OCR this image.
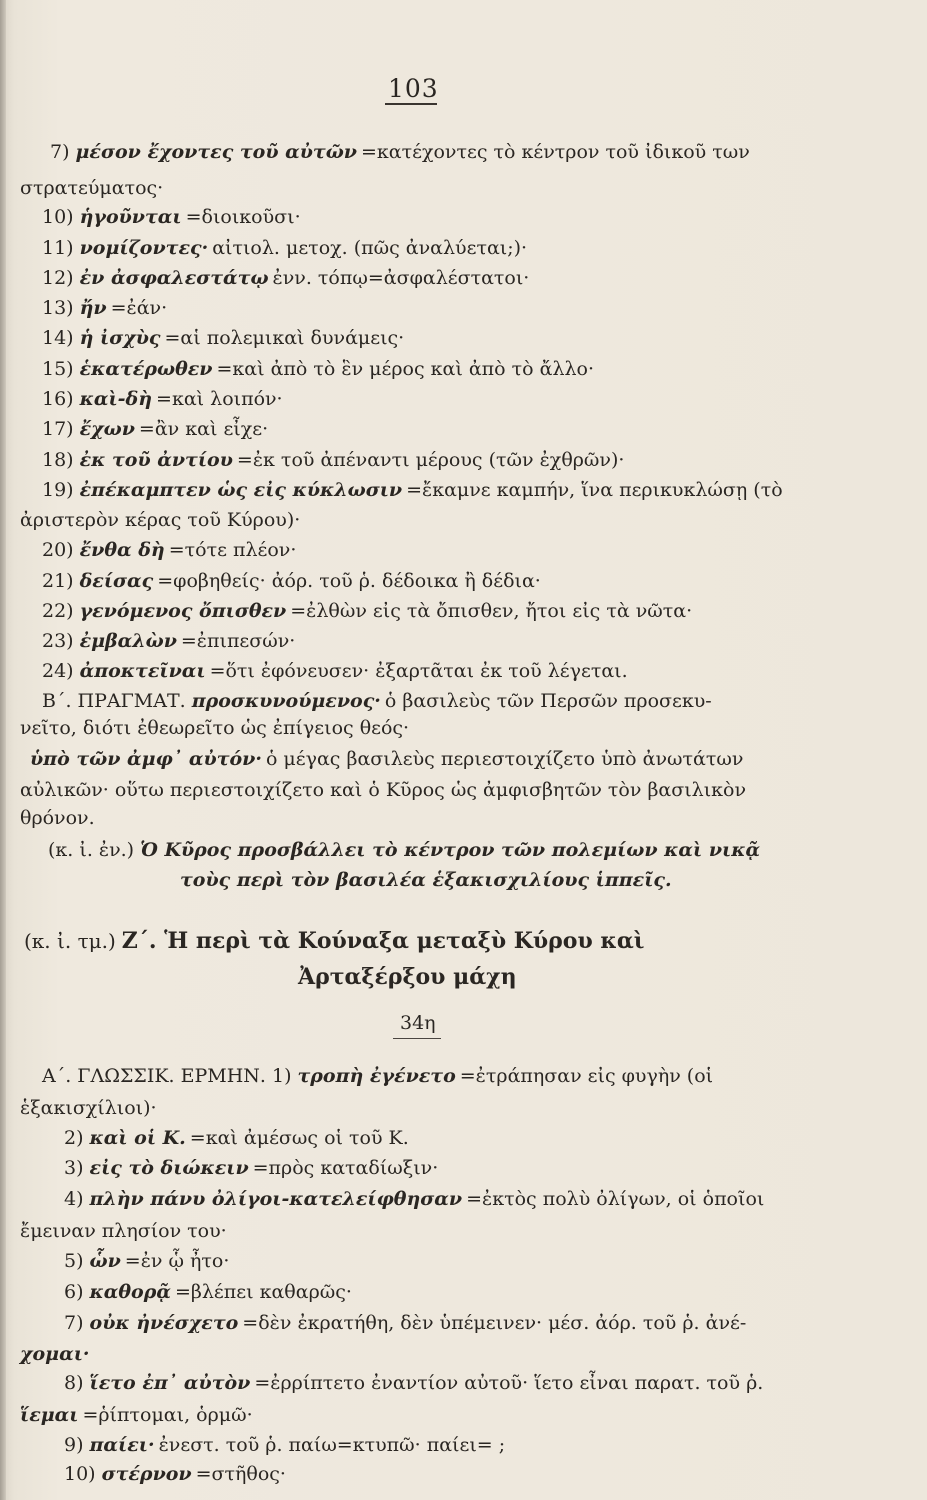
103
7) μέσον ἔχοντες τοῦ αὐτῶν =κατέχοντες τὸ κέντρον τοῦ ἰδικοῦ των
στρατεύματος·
10) ἡγοῦνται =διοικοῦσι·
11) νομίζοντες· αἰτιολ. μετοχ. (πῶς ἀναλύεται;)·
12) ἐν ἀσφαλεστάτῳ ἐνν. τόπῳ=ἀσφαλέστατοι·
13) ἤν =ἐάν·
14) ἡ ἰσχὺς =αἱ πολεμικαὶ δυνάμεις·
15) ἑκατέρωθεν =καὶ ἀπὸ τὸ ἓν μέρος καὶ ἀπὸ τὸ ἄλλο·
16) καὶ-δὴ =καὶ λοιπόν·
17) ἔχων =ἂν καὶ εἶχε·
18) ἐκ τοῦ ἀντίου =ἐκ τοῦ ἀπέναντι μέρους (τῶν ἐχθρῶν)·
19) ἐπέκαμπτεν ὡς εἰς κύκλωσιν =ἔκαμνε καμπήν, ἵνα περικυκλώσῃ (τὸ
ἀριστερὸν κέρας τοῦ Κύρου)·
20) ἔνθα δὴ =τότε πλέον·
21) δείσας =φοβηθείς· ἀόρ. τοῦ ῥ. δέδοικα ἢ δέδια·
22) γενόμενος ὄπισθεν =ἐλθὼν εἰς τὰ ὄπισθεν, ἤτοι εἰς τὰ νῶτα·
23) ἐμβαλὼν =ἐπιπεσών·
24) ἀποκτεῖναι =ὅτι ἐφόνευσεν· ἐξαρτᾶται ἐκ τοῦ λέγεται.
Β΄. ΠΡΑΓΜΑΤ. προσκυνούμενος· ὁ βασιλεὺς τῶν Περσῶν προσεκυ-
νεῖτο, διότι ἐθεωρεῖτο ὡς ἐπίγειος θεός·
ὑπὸ τῶν ἀμφ᾽ αὐτόν· ὁ μέγας βασιλεὺς περιεστοιχίζετο ὑπὸ ἀνωτάτων
αὐλικῶν· οὕτω περιεστοιχίζετο καὶ ὁ Κῦρος ὡς ἀμφισβητῶν τὸν βασιλικὸν
θρόνον.
(κ. ἰ. ἐν.) Ὁ Κῦρος προσβάλλει τὸ κέντρον τῶν πολεμίων καὶ νικᾷ
τοὺς περὶ τὸν βασιλέα ἑξακισχιλίους ἱππεῖς.
(κ. ἰ. τμ.) Ζ΄. Ἡ περὶ τὰ Κούναξα μεταξὺ Κύρου καὶ
Ἀρταξέρξου μάχη
34η
Α΄. ΓΛΩΣΣΙΚ. ΕΡΜΗΝ. 1) τροπὴ ἐγένετο =ἐτράπησαν εἰς φυγὴν (οἱ
ἑξακισχίλιοι)·
2) καὶ οἱ Κ. =καὶ ἀμέσως οἱ τοῦ Κ.
3) εἰς τὸ διώκειν =πρὸς καταδίωξιν·
4) πλὴν πάνυ ὀλίγοι-κατελείφθησαν =ἐκτὸς πολὺ ὀλίγων, οἱ ὁποῖοι
ἔμειναν πλησίον του·
5) ὧν =ἐν ᾧ ἦτο·
6) καθορᾷ =βλέπει καθαρῶς·
7) οὐκ ἠνέσχετο =δὲν ἐκρατήθη, δὲν ὑπέμεινεν· μέσ. ἀόρ. τοῦ ῥ. ἀνέ-
χομαι·
8) ἵετο ἐπ᾽ αὐτὸν =ἐρρίπτετο ἐναντίον αὐτοῦ· ἵετο εἶναι παρατ. τοῦ ῥ.
ἵεμαι =ῥίπτομαι, ὁρμῶ·
9) παίει· ἐνεστ. τοῦ ῥ. παίω=κτυπῶ· παίει= ;
10) στέρνον =στῆθος·
